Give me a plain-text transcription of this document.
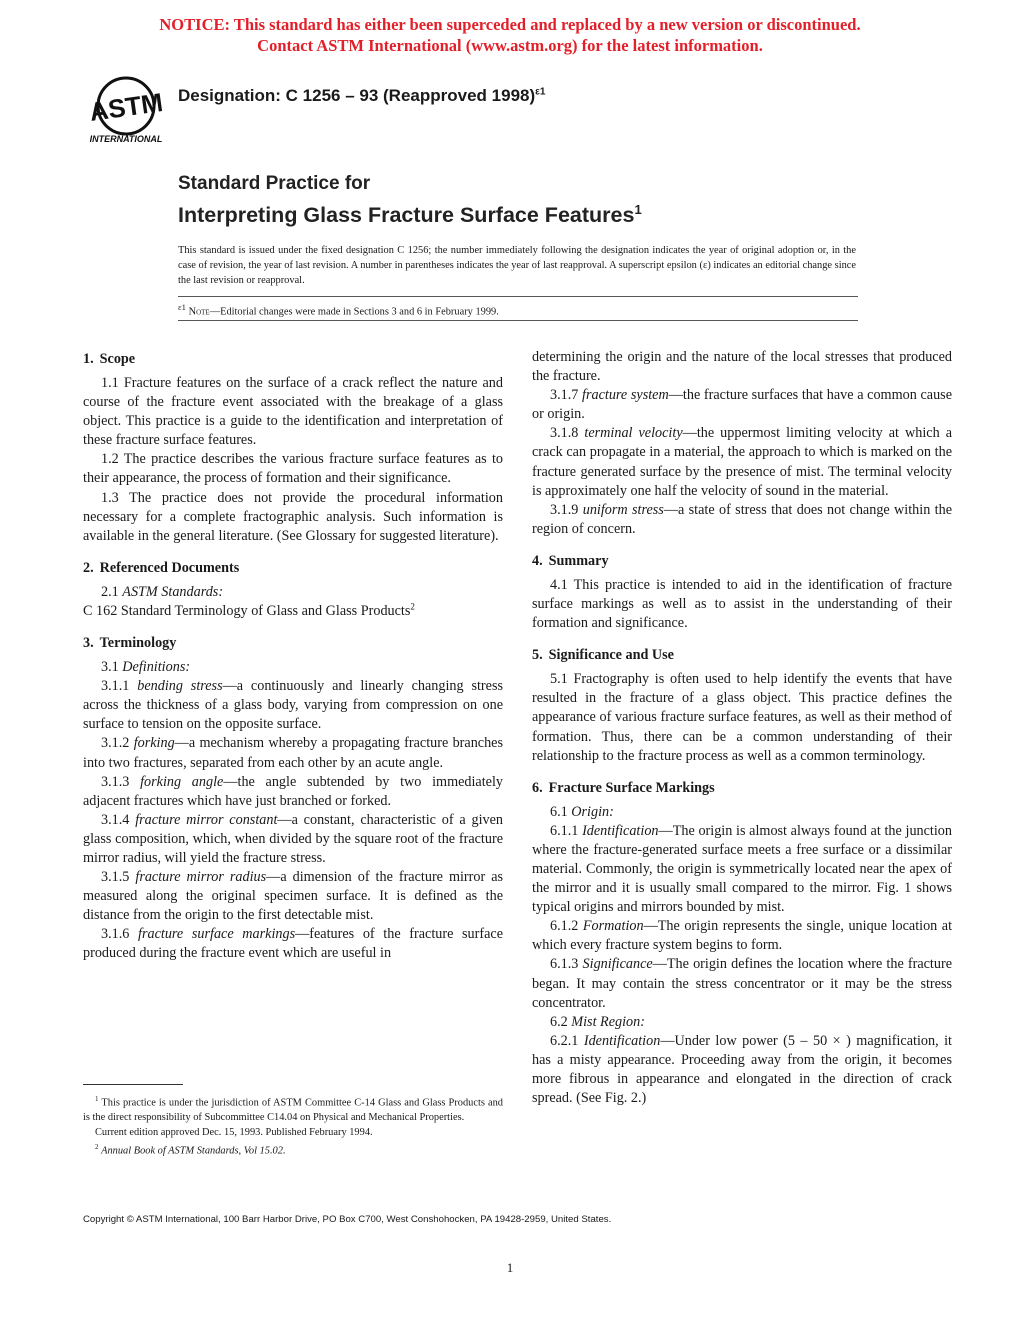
NOTICE: This standard has either been superceded and replaced by a new version or discontinued.
Contact ASTM International (www.astm.org) for the latest information.
ASTM
INTERNATIONAL
Designation: C 1256 – 93 (Reapproved 1998)$^{\varepsilon 1}$
Standard Practice for
Interpreting Glass Fracture Surface Features$^1$
This standard is issued under the fixed designation C 1256; the number immediately following the designation indicates the year of original adoption or, in the case of revision, the year of last revision. A number in parentheses indicates the year of last reapproval. A superscript epsilon (ε) indicates an editorial change since the last revision or reapproval.
$^{\varepsilon 1}$ Note—Editorial changes were made in Sections 3 and 6 in February 1999.
1. Scope

1.1 Fracture features on the surface of a crack reflect the nature and course of the fracture event associated with the breakage of a glass object. This practice is a guide to the identification and interpretation of these fracture surface features.

1.2 The practice describes the various fracture surface features as to their appearance, the process of formation and their significance.

1.3 The practice does not provide the procedural information necessary for a complete fractographic analysis. Such information is available in the general literature. (See Glossary for suggested literature).

2. Referenced Documents

2.1 ASTM Standards:

C 162 Standard Terminology of Glass and Glass Products$^2$

3. Terminology

3.1 Definitions:

3.1.1 bending stress—a continuously and linearly changing stress across the thickness of a glass body, varying from compression on one surface to tension on the opposite surface.

3.1.2 forking—a mechanism whereby a propagating fracture branches into two fractures, separated from each other by an acute angle.

3.1.3 forking angle—the angle subtended by two immediately adjacent fractures which have just branched or forked.

3.1.4 fracture mirror constant—a constant, characteristic of a given glass composition, which, when divided by the square root of the fracture mirror radius, will yield the fracture stress.

3.1.5 fracture mirror radius—a dimension of the fracture mirror as measured along the original specimen surface. It is defined as the distance from the origin to the first detectable mist.

3.1.6 fracture surface markings—features of the fracture surface produced during the fracture event which are useful in

determining the origin and the nature of the local stresses that produced the fracture.

3.1.7 fracture system—the fracture surfaces that have a common cause or origin.

3.1.8 terminal velocity—the uppermost limiting velocity at which a crack can propagate in a material, the approach to which is marked on the fracture generated surface by the presence of mist. The terminal velocity is approximately one half the velocity of sound in the material.

3.1.9 uniform stress—a state of stress that does not change within the region of concern.

4. Summary

4.1 This practice is intended to aid in the identification of fracture surface markings as well as to assist in the understanding of their formation and significance.

5. Significance and Use

5.1 Fractography is often used to help identify the events that have resulted in the fracture of a glass object. This practice defines the appearance of various fracture surface features, as well as their method of formation. Thus, there can be a common understanding of their relationship to the fracture process as well as a common terminology.

6. Fracture Surface Markings

6.1 Origin:

6.1.1 Identification—The origin is almost always found at the junction where the fracture-generated surface meets a free surface or a dissimilar material. Commonly, the origin is symmetrically located near the apex of the mirror and it is usually small compared to the mirror. Fig. 1 shows typical origins and mirrors bounded by mist.

6.1.2 Formation—The origin represents the single, unique location at which every fracture system begins to form.

6.1.3 Significance—The origin defines the location where the fracture began. It may contain the stress concentrator or it may be the stress concentrator.

6.2 Mist Region:

6.2.1 Identification—Under low power (5 – 50 × ) magnification, it has a misty appearance. Proceeding away from the origin, it becomes more fibrous in appearance and elongated in the direction of crack spread. (See Fig. 2.)

$^1$ This practice is under the jurisdiction of ASTM Committee C-14 Glass and Glass Products and is the direct responsibility of Subcommittee C14.04 on Physical and Mechanical Properties.

Current edition approved Dec. 15, 1993. Published February 1994.

$^2$ Annual Book of ASTM Standards, Vol 15.02.

Copyright © ASTM International, 100 Barr Harbor Drive, PO Box C700, West Conshohocken, PA 19428-2959, United States.
1
